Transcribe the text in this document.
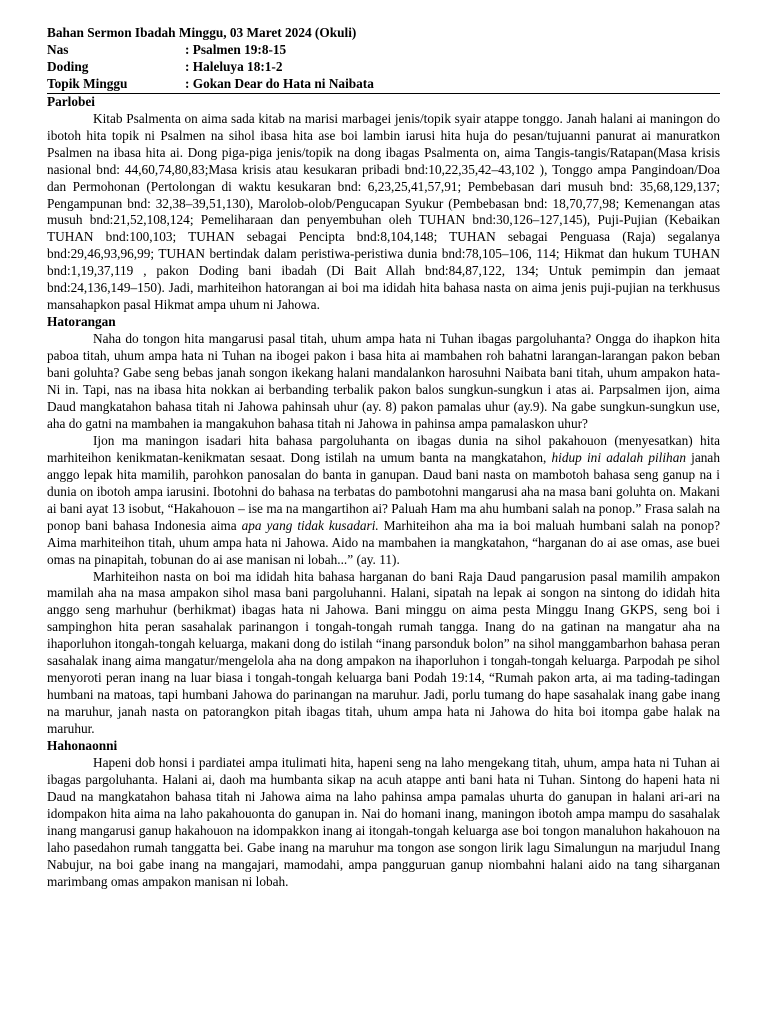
Bahan Sermon Ibadah Minggu, 03 Maret 2024 (Okuli)
Nas	: Psalmen 19:8-15
Doding	: Haleluya 18:1-2
Topik Minggu	: Gokan Dear do Hata ni Naibata
Parlobei

Kitab Psalmenta on aima sada kitab na marisi marbagei jenis/topik syair atappe tonggo. Janah halani ai maningon do ibotoh hita topik ni Psalmen na sihol ibasa hita ase boi lambin iarusi hita huja do pesan/tujuanni panurat ai manuratkon Psalmen na ibasa hita ai. Dong piga-piga jenis/topik na dong ibagas Psalmenta on, aima Tangis-tangis/Ratapan(Masa krisis nasional bnd: 44,60,74,80,83;Masa krisis atau kesukaran pribadi bnd:10,22,35,42–43,102 ), Tonggo ampa Pangindoan/Doa dan Permohonan (Pertolongan di waktu kesukaran bnd: 6,23,25,41,57,91; Pembebasan dari musuh bnd: 35,68,129,137; Pengampunan bnd: 32,38–39,51,130), Marolob-olob/Pengucapan Syukur (Pembebasan bnd: 18,70,77,98; Kemenangan atas musuh bnd:21,52,108,124; Pemeliharaan dan penyembuhan oleh TUHAN bnd:30,126–127,145), Puji-Pujian (Kebaikan TUHAN bnd:100,103; TUHAN sebagai Pencipta bnd:8,104,148; TUHAN sebagai Penguasa (Raja) segalanya bnd:29,46,93,96,99; TUHAN bertindak dalam peristiwa-peristiwa dunia bnd:78,105–106, 114; Hikmat dan hukum TUHAN bnd:1,19,37,119 , pakon Doding bani ibadah (Di Bait Allah bnd:84,87,122, 134; Untuk pemimpin dan jemaat bnd:24,136,149–150). Jadi, marhiteihon hatorangan ai boi ma ididah hita bahasa nasta on aima jenis puji-pujian na terkhusus mansahapkon pasal Hikmat ampa uhum ni Jahowa.

Hatorangan

Naha do tongon hita mangarusi pasal titah, uhum ampa hata ni Tuhan ibagas pargoluhanta? Ongga do ihapkon hita paboa titah, uhum ampa hata ni Tuhan na ibogei pakon i basa hita ai mambahen roh bahatni larangan-larangan pakon beban bani goluhta? Gabe seng bebas janah songon ikekang halani mandalankon harosuhni Naibata bani titah, uhum ampakon hata-Ni in. Tapi, nas na ibasa hita nokkan ai berbanding terbalik pakon balos sungkun-sungkun i atas ai. Parpsalmen ijon, aima Daud mangkatahon bahasa titah ni Jahowa pahinsah uhur (ay. 8) pakon pamalas uhur (ay.9). Na gabe sungkun-sungkun use, aha do gatni na mambahen ia mangakuhon bahasa titah ni Jahowa in pahinsa ampa pamalaskon uhur?

Ijon ma maningon isadari hita bahasa pargoluhanta on ibagas dunia na sihol pakahouon (menyesatkan) hita marhiteihon kenikmatan-kenikmatan sesaat. Dong istilah na umum banta na mangkatahon, hidup ini adalah pilihan janah anggo lepak hita mamilih, parohkon panosalan do banta in ganupan. Daud bani nasta on mambotoh bahasa seng ganup na i dunia on ibotoh ampa iarusini. Ibotohni do bahasa na terbatas do pambotohni mangarusi aha na masa bani goluhta on. Makani ai bani ayat 13 isobut, “Hakahouon – ise ma na mangartihon ai? Paluah Ham ma ahu humbani salah na ponop.” Frasa salah na ponop bani bahasa Indonesia aima apa yang tidak kusadari. Marhiteihon aha ma ia boi maluah humbani salah na ponop? Aima marhiteihon titah, uhum ampa hata ni Jahowa. Aido na mambahen ia mangkatahon, “harganan do ai ase omas, ase buei omas na pinapitah, tobunan do ai ase manisan ni lobah...” (ay. 11).

Marhiteihon nasta on boi ma ididah hita bahasa harganan do bani Raja Daud pangarusion pasal mamilih ampakon mamilah aha na masa ampakon sihol masa bani pargoluhanni. Halani, sipatah na lepak ai songon na sintong do ididah hita anggo seng marhuhur (berhikmat) ibagas hata ni Jahowa. Bani minggu on aima pesta Minggu Inang GKPS, seng boi i sampinghon hita peran sasahalak parinangon i tongah-tongah rumah tangga. Inang do na gatinan na mangatur aha na ihaporluhon itongah-tongah keluarga, makani dong do istilah “inang parsonduk bolon” na sihol manggambarhon bahasa peran sasahalak inang aima mangatur/mengelola aha na dong ampakon na ihaporluhon i tongah-tongah keluarga. Parpodah pe sihol menyoroti peran inang na luar biasa i tongah-tongah keluarga bani Podah 19:14, “Rumah pakon arta, ai ma tading-tadingan humbani na matoas, tapi humbani Jahowa do parinangan na maruhur. Jadi, porlu tumang do hape sasahalak inang gabe inang na maruhur, janah nasta on patorangkon pitah ibagas titah, uhum ampa hata ni Jahowa do hita boi itompa gabe halak na maruhur.

Hahonaonni

Hapeni dob honsi i pardiatei ampa itulimati hita, hapeni seng na laho mengekang titah, uhum, ampa hata ni Tuhan ai ibagas pargoluhanta. Halani ai, daoh ma humbanta sikap na acuh atappe anti bani hata ni Tuhan. Sintong do hapeni hata ni Daud na mangkatahon bahasa titah ni Jahowa aima na laho pahinsa ampa pamalas uhurta do ganupan in halani ari-ari na idompakon hita aima na laho pakahouonta do ganupan in. Nai do homani inang, maningon ibotoh ampa mampu do sasahalak inang mangarusi ganup hakahouon na idompakkon inang ai itongah-tongah keluarga ase boi tongon manaluhon hakahouon na laho pasedahon rumah tanggatta bei. Gabe inang na maruhur ma tongon ase songon lirik lagu Simalungun na marjudul Inang Nabujur, na boi gabe inang na mangajari, mamodahi, ampa pangguruan ganup niombahni halani aido na tang siharganan marimbang omas ampakon manisan ni lobah.
